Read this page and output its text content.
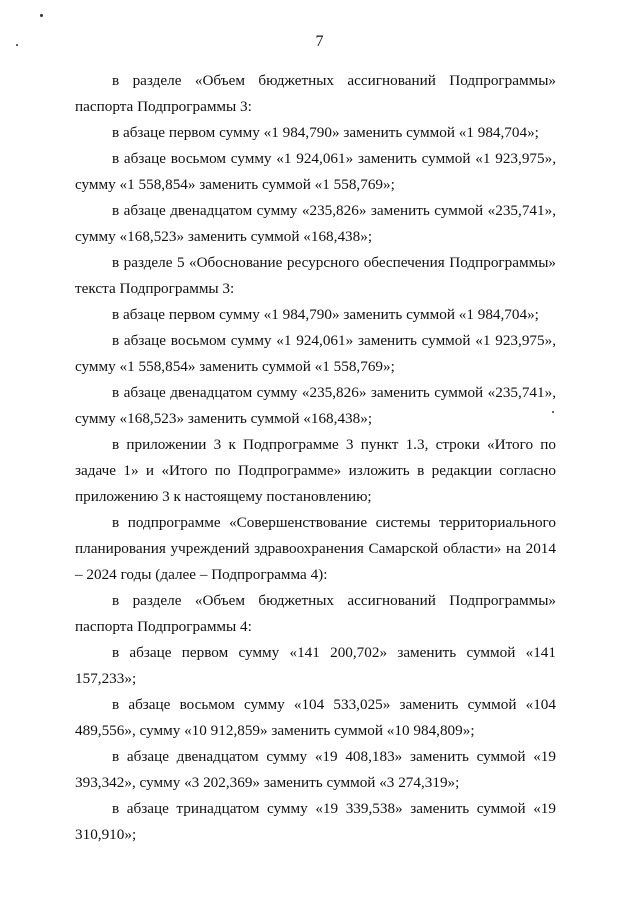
7

в разделе «Объем бюджетных ассигнований Подпрограммы» паспорта Подпрограммы 3:

в абзаце первом сумму «1 984,790» заменить суммой «1 984,704»;

в абзаце восьмом сумму «1 924,061» заменить суммой «1 923,975», сумму «1 558,854» заменить суммой «1 558,769»;

в абзаце двенадцатом сумму «235,826» заменить суммой «235,741», сумму «168,523» заменить суммой «168,438»;

в разделе 5 «Обоснование ресурсного обеспечения Подпрограммы» текста Подпрограммы 3:

в абзаце первом сумму «1 984,790» заменить суммой «1 984,704»;

в абзаце восьмом сумму «1 924,061» заменить суммой «1 923,975», сумму «1 558,854» заменить суммой «1 558,769»;

в абзаце двенадцатом сумму «235,826» заменить суммой «235,741», сумму «168,523» заменить суммой «168,438»;

в приложении 3 к Подпрограмме 3 пункт 1.3, строки «Итого по задаче 1» и «Итого по Подпрограмме» изложить в редакции согласно приложению 3 к настоящему постановлению;

в подпрограмме «Совершенствование системы территориального планирования учреждений здравоохранения Самарской области» на 2014 – 2024 годы (далее – Подпрограмма 4):

в разделе «Объем бюджетных ассигнований Подпрограммы» паспорта Подпрограммы 4:

в абзаце первом сумму «141 200,702» заменить суммой «141 157,233»;

в абзаце восьмом сумму «104 533,025» заменить суммой «104 489,556», сумму «10 912,859» заменить суммой «10 984,809»;

в абзаце двенадцатом сумму «19 408,183» заменить суммой «19 393,342», сумму «3 202,369» заменить суммой «3 274,319»;

в абзаце тринадцатом сумму «19 339,538» заменить суммой «19 310,910»;
